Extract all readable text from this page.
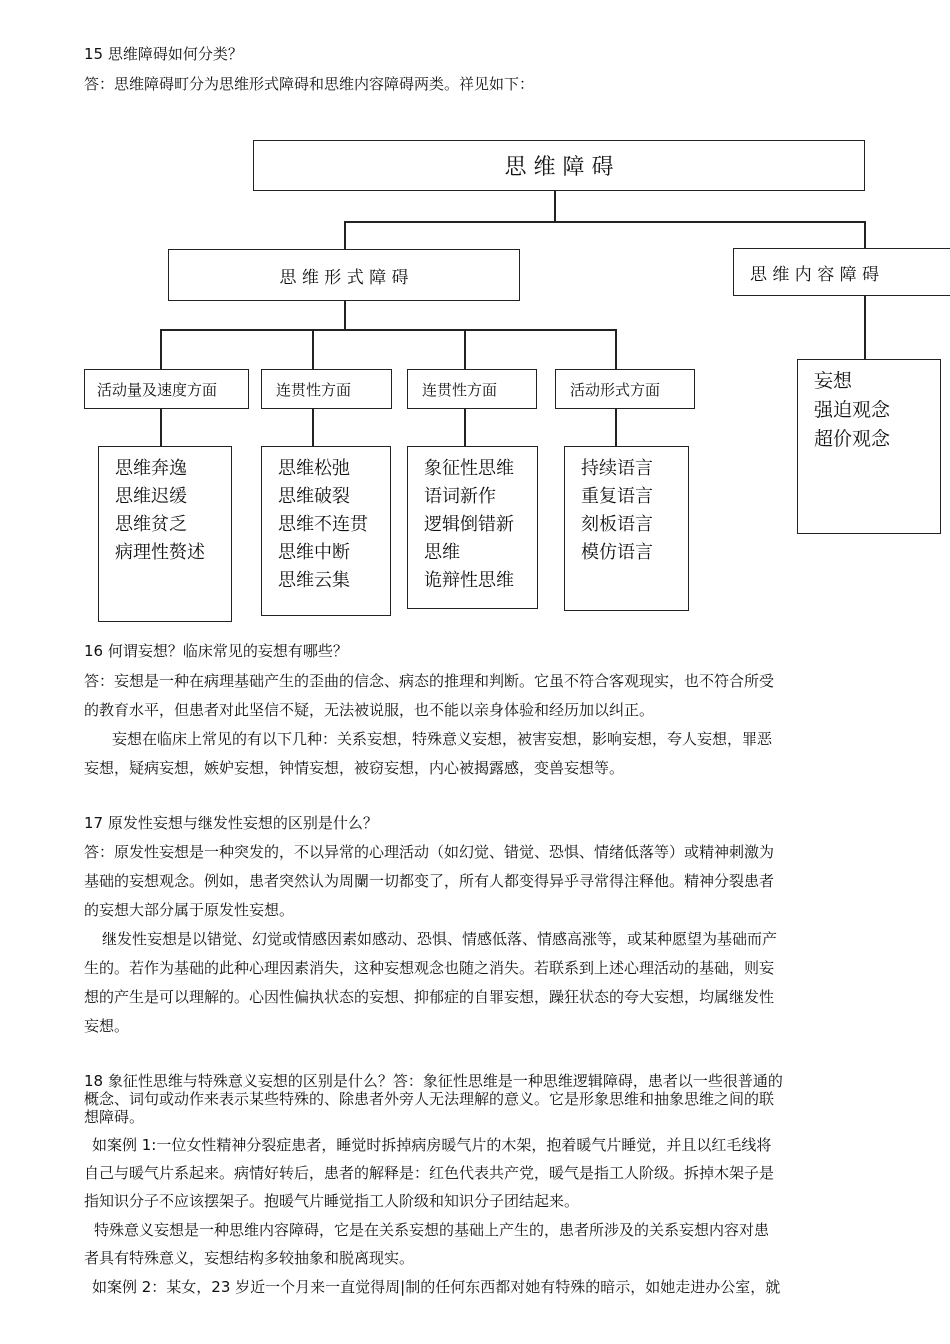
15 思维障碍如何分类？
答：思维障碍町分为思维形式障碍和思维内容障碍两类。祥见如下：
思 维 障 碍
思 维 形 式 障 碍	思 维 内 容 障 碍
活动量及速度方面	连贯性方面	连贯性方面	活动形式方面
思维奔逸
思维迟缓
思维贫乏
病理性赘述
思维松弛
思维破裂
思维不连贯
思维中断
思维云集
象征性思维
语词新作
逻辑倒错新
思维
诡辩性思维
持续语言
重复语言
刻板语言
模仿语言
妄想
强迫观念
超价观念
16 何谓妄想？临床常见的妄想有哪些？
答：妄想是一种在病理基础产生的歪曲的信念、病态的推理和判断。它虽不符合客观现实，也不符合所受
的教育水平，但患者对此坚信不疑，无法被说服，也不能以亲身体验和经历加以纠正。
妄想在临床上常见的有以下几种：关系妄想，特殊意义妄想，被害妄想，影响妄想，夸人妄想，罪恶
妄想，疑病妄想，嫉妒妄想，钟情妄想，被窃妄想，内心被揭露感，变兽妄想等。
17 原发性妄想与继发性妄想的区别是什么？
答：原发性妄想是一种突发的，不以异常的心理活动（如幻觉、错觉、恐惧、情绪低落等）或精神刺激为
基础的妄想观念。例如，患者突然认为周闌一切都变了，所有人都变得异乎寻常得注释他。精神分裂患者
的妄想大部分属于原发性妄想。
继发性妄想是以错觉、幻觉或情感因素如感动、恐惧、情感低落、情感高涨等，或某种愿望为基础而产
生的。若作为基础的此种心理因素消失，这种妄想观念也随之消失。若联系到上述心理活动的基础，则妄
想的产生是可以理解的。心因性偏执状态的妄想、抑郁症的自罪妄想，躁狂状态的夸大妄想，均属继发性
妄想。
18 象征性思维与特殊意义妄想的区别是什么？答：象征性思维是一种思维逻辑障碍，患者以一些很普通的
概念、词句或动作来表示某些特殊的、除患者外旁人无法理解的意义。它是形象思维和抽象思维之间的联
想障碍。
如案例 1:一位女性精神分裂症患者，睡觉时拆掉病房暖气片的木架，抱着暖气片睡觉，并且以红毛线将
自己与暖气片系起来。病情好转后，患者的解释是：红色代表共产党，暖气是指工人阶级。拆掉木架子是
指知识分子不应该摆架子。抱暖气片睡觉指工人阶级和知识分子团结起来。
特殊意义妄想是一种思维内容障碍，它是在关系妄想的基础上产生的，患者所涉及的关系妄想内容对患
者具有特殊意义，妄想结构多较抽象和脱离现实。
如案例 2：某女，23 岁近一个月来一直觉得周|制的任何东西都对她有特殊的暗示，如她走进办公室，就
